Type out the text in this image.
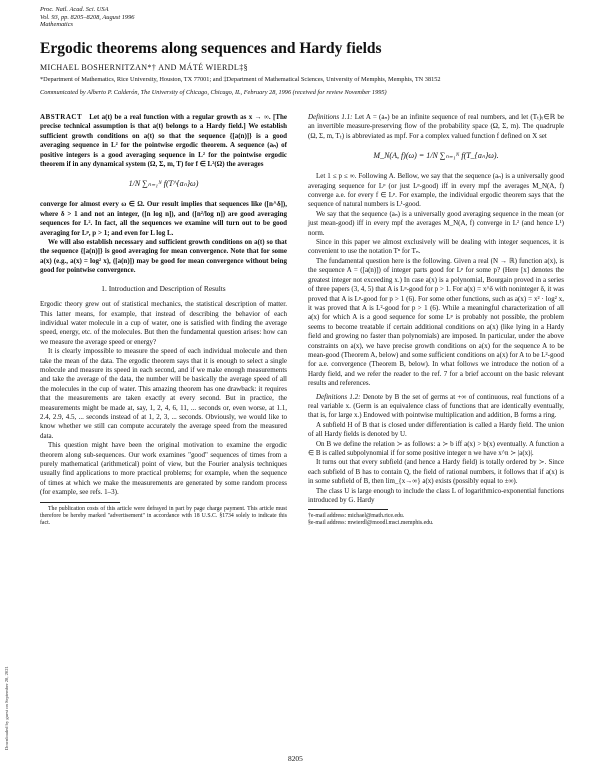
Proc. Natl. Acad. Sci. USA
Vol. 93, pp. 8205–8208, August 1996
Mathematics
Ergodic theorems along sequences and Hardy fields
MICHAEL BOSHERNITZAN*† AND MÁTÉ WIERDL‡§
*Department of Mathematics, Rice University, Houston, TX 77001; and ‡Department of Mathematical Sciences, University of Memphis, Memphis, TN 38152
Communicated by Alberto P. Calderón, The University of Chicago, Chicago, IL, February 28, 1996 (received for review November 1995)

ABSTRACT Let a(t) be a real function with a regular growth as x → ∞. [The precise technical assumption is that a(t) belongs to a Hardy field.] We establish sufficient growth conditions on a(t) so that the sequence {[a(n)]} is a good averaging sequence in L² for the pointwise ergodic theorem. A sequence (aₙ) of positive integers is a good averaging sequence in L² for the pointwise ergodic theorem if in any dynamical system (Ω, Σ, m, T) for f ∈ L²(Ω) the averages

1/N ∑ₙ₌₁ᴺ f(T^{aₙ}ω)

converge for almost every ω ∈ Ω. Our result implies that sequences like ([n^δ]), where δ > 1 and not an integer, ([n log n]), and ([n²/log n]) are good averaging sequences for L². In fact, all the sequences we examine will turn out to be good averaging for Lᵖ, p > 1; and even for L log L.

We will also establish necessary and sufficient growth conditions on a(t) so that the sequence {[a(n)]} is good averaging for mean convergence. Note that for some a(x) (e.g., a(x) = log² x), ([a(n)]) may be good for mean convergence without being good for pointwise convergence.

1. Introduction and Description of Results

Ergodic theory grew out of statistical mechanics, the statistical description of matter. This latter means, for example, that instead of describing the behavior of each individual water molecule in a cup of water, one is satisfied with finding the average speed, energy, etc. of the molecules. But then the fundamental question arises: how can we measure the average speed or energy?

It is clearly impossible to measure the speed of each individual molecule and then take the mean of the data. The ergodic theorem says that it is enough to select a single molecule and measure its speed in each second, and if we make enough measurements and take the average of the data, the number will be basically the average speed of all the molecules in the cup of water. This amazing theorem has one drawback: it requires that the measurements are taken exactly at every second. But in practice, the measurements might be made at, say, 1, 2, 4, 6, 11, ... seconds or, even worse, at 1.1, 2.4, 2.9, 4.5, ... seconds instead of at 1, 2, 3, ... seconds. Obviously, we would like to know whether we still can compute accurately the average speed from the measured data.

This question might have been the original motivation to examine the ergodic theorem along sub-sequences. Our work examines "good" sequences of times from a purely mathematical (arithmetical) point of view, but the Fourier analysis techniques usually find applications to more practical problems; for example, when the sequence of times at which we make the measurements are generated by some random process (for example, see refs. 1–3).

The publication costs of this article were defrayed in part by page charge payment. This article must therefore be hereby marked "advertisement" in accordance with 18 U.S.C. §1734 solely to indicate this fact.

Definitions 1.1: Let A = (aₙ) be an infinite sequence of real numbers, and let (Tₜ)ₜ∈ℝ be an invertible measure-preserving flow of the probability space (Ω, Σ, m). The quadruple (Ω, Σ, m, Tₜ) is abbreviated as mpf. For a complex valued function f defined on X set

M_N(A, f)(ω) = 1/N ∑ₙ₌₁ᴺ f(T_{aₙ}ω).

Let 1 ≤ p ≤ ∞. Following A. Bellow, we say that the sequence (aₙ) is a universally good averaging sequence for Lᵖ (or just Lᵖ-good) iff in every mpf the averages M_N(A, f) converge a.e. for every f ∈ Lᵖ. For example, the individual ergodic theorem says that the sequence of natural numbers is L¹-good.

We say that the sequence (aₙ) is a universally good averaging sequence in the mean (or just mean-good) iff in every mpf the averages M_N(A, f) converge in L² (and hence L¹) norm.

Since in this paper we almost exclusively will be dealing with integer sequences, it is convenient to use the notation Tⁿ for Tₙ.

The fundamental question here is the following. Given a real (N → ℝ) function a(x), is the sequence A = ([a(n)]) of integer parts good for Lᵖ for some p? (Here [x] denotes the greatest integer not exceeding x.) In case a(x) is a polynomial, Bourgain proved in a series of three papers (3, 4, 5) that A is Lᵖ-good for p > 1. For a(x) = x^δ with noninteger δ, it was proved that A is Lᵖ-good for p > 1 (6). For some other functions, such as a(x) = x² · log² x, it was proved that A is L²-good for p > 1 (6). While a meaningful characterization of all a(x) for which A is a good sequence for some Lᵖ is probably not possible, the problem seems to become treatable if certain additional conditions on a(x) (like lying in a Hardy field and growing no faster than polynomials) are imposed. In particular, under the above constraints on a(x), we have precise growth conditions on a(x) for the sequence A to be mean-good (Theorem A, below) and some sufficient conditions on a(x) for A to be L²-good for a.e. convergence (Theorem B, below). In what follows we introduce the notion of a Hardy field, and we refer the reader to the ref. 7 for a brief account on the basic relevant results and references.

Definitions 1.2: Denote by B the set of germs at +∞ of continuous, real functions of a real variable x. (Germ is an equivalence class of functions that are identically eventually, that is, for large x.) Endowed with pointwise multiplication and addition, B forms a ring.

A subfield H of B that is closed under differentiation is called a Hardy field. The union of all Hardy fields is denoted by U.

On B we define the relation ≻ as follows: a ≻ b iff a(x) > b(x) eventually. A function a ∈ B is called subpolynomial if for some positive integer n we have x^n ≻ |a(x)|.

It turns out that every subfield (and hence a Hardy field) is totally ordered by ≻. Since each subfield of B has to contain Q, the field of rational numbers, it follows that if a(x) is in some subfield of B, then lim_{x→∞} a(x) exists (possibly equal to ±∞).

The class U is large enough to include the class L of logarithmico-exponential functions introduced by G. Hardy

†e-mail address: michael@math.rice.edu.

§e-mail address: mwierdl@moodl.msci.memphis.edu.

Downloaded by guest on September 28, 2021
8205
